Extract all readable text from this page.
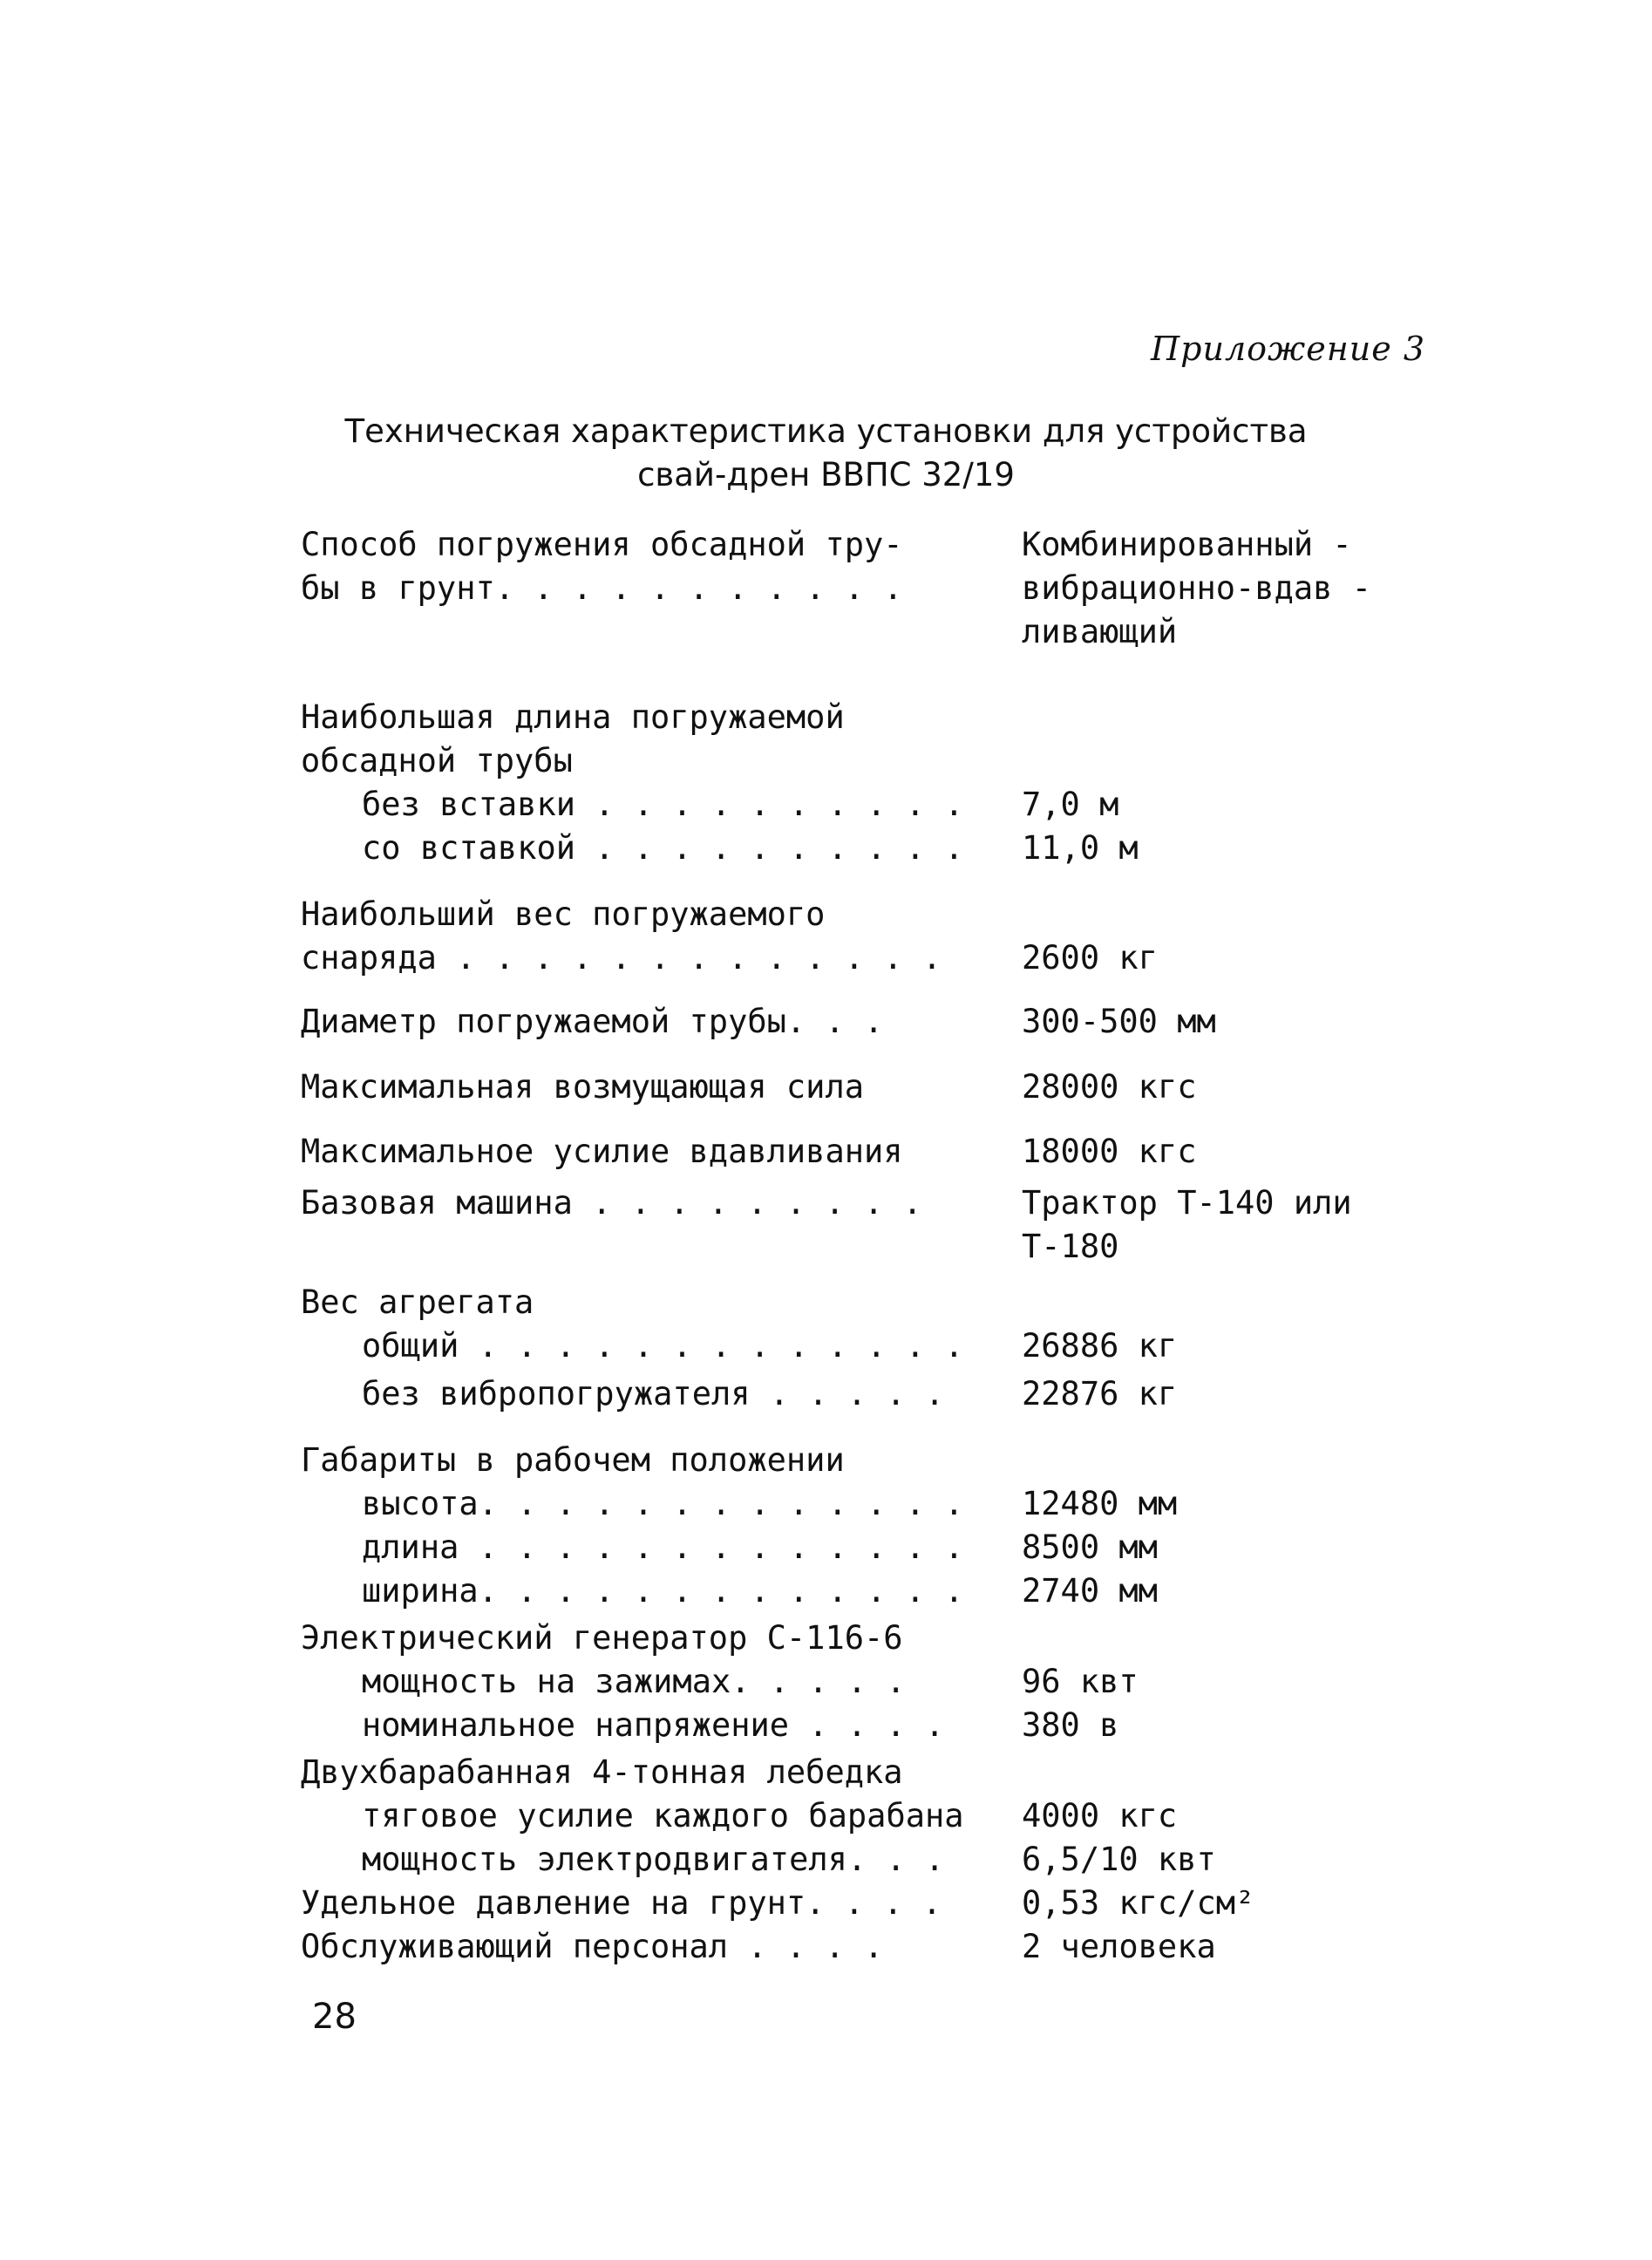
Приложение 3
Техническая характеристика установки для устройства
свай-дрен ВВПС 32/19
Способ погружения обсадной тру-	Комбинированный -
бы в грунт. . . . . . . . . . .	вибрационно-вдав -
ливающий
Наибольшая длина погружаемой
обсадной трубы
без вставки . . . . . . . . . . 7,0 м
со вставкой . . . . . . . . . . 11,0 м
Наибольший вес погружаемого
снаряда . . . . . . . . . . . . . 2600 кг
Диаметр погружаемой трубы. . .	300-500 мм
Максимальная возмущающая сила	28000 кгс
Максимальное усилие вдавливания	18000 кгс
Базовая машина . . . . . . . . .	Трактор Т-140 или
Т-180
Вес агрегата
общий . . . . . . . . . . . . . 26886 кг
без вибропогружателя . . . . . 22876 кг
Габариты в рабочем положении
высота. . . . . . . . . . . . . 12480 мм
длина . . . . . . . . . . . . . 8500 мм
ширина. . . . . . . . . . . . . 2740 мм
Электрический генератор С-116-6
мощность на зажимах. . . . .	96 квт
номинальное напряжение . . . . 380 в
Двухбарабанная 4-тонная лебедка
тяговое усилие каждого барабана 4000 кгс
мощность электродвигателя. . . 6,5/10 квт
Удельное давление на грунт. . . . 0,53 кгс/см²
Обслуживающий персонал . . . .	2 человека
28
